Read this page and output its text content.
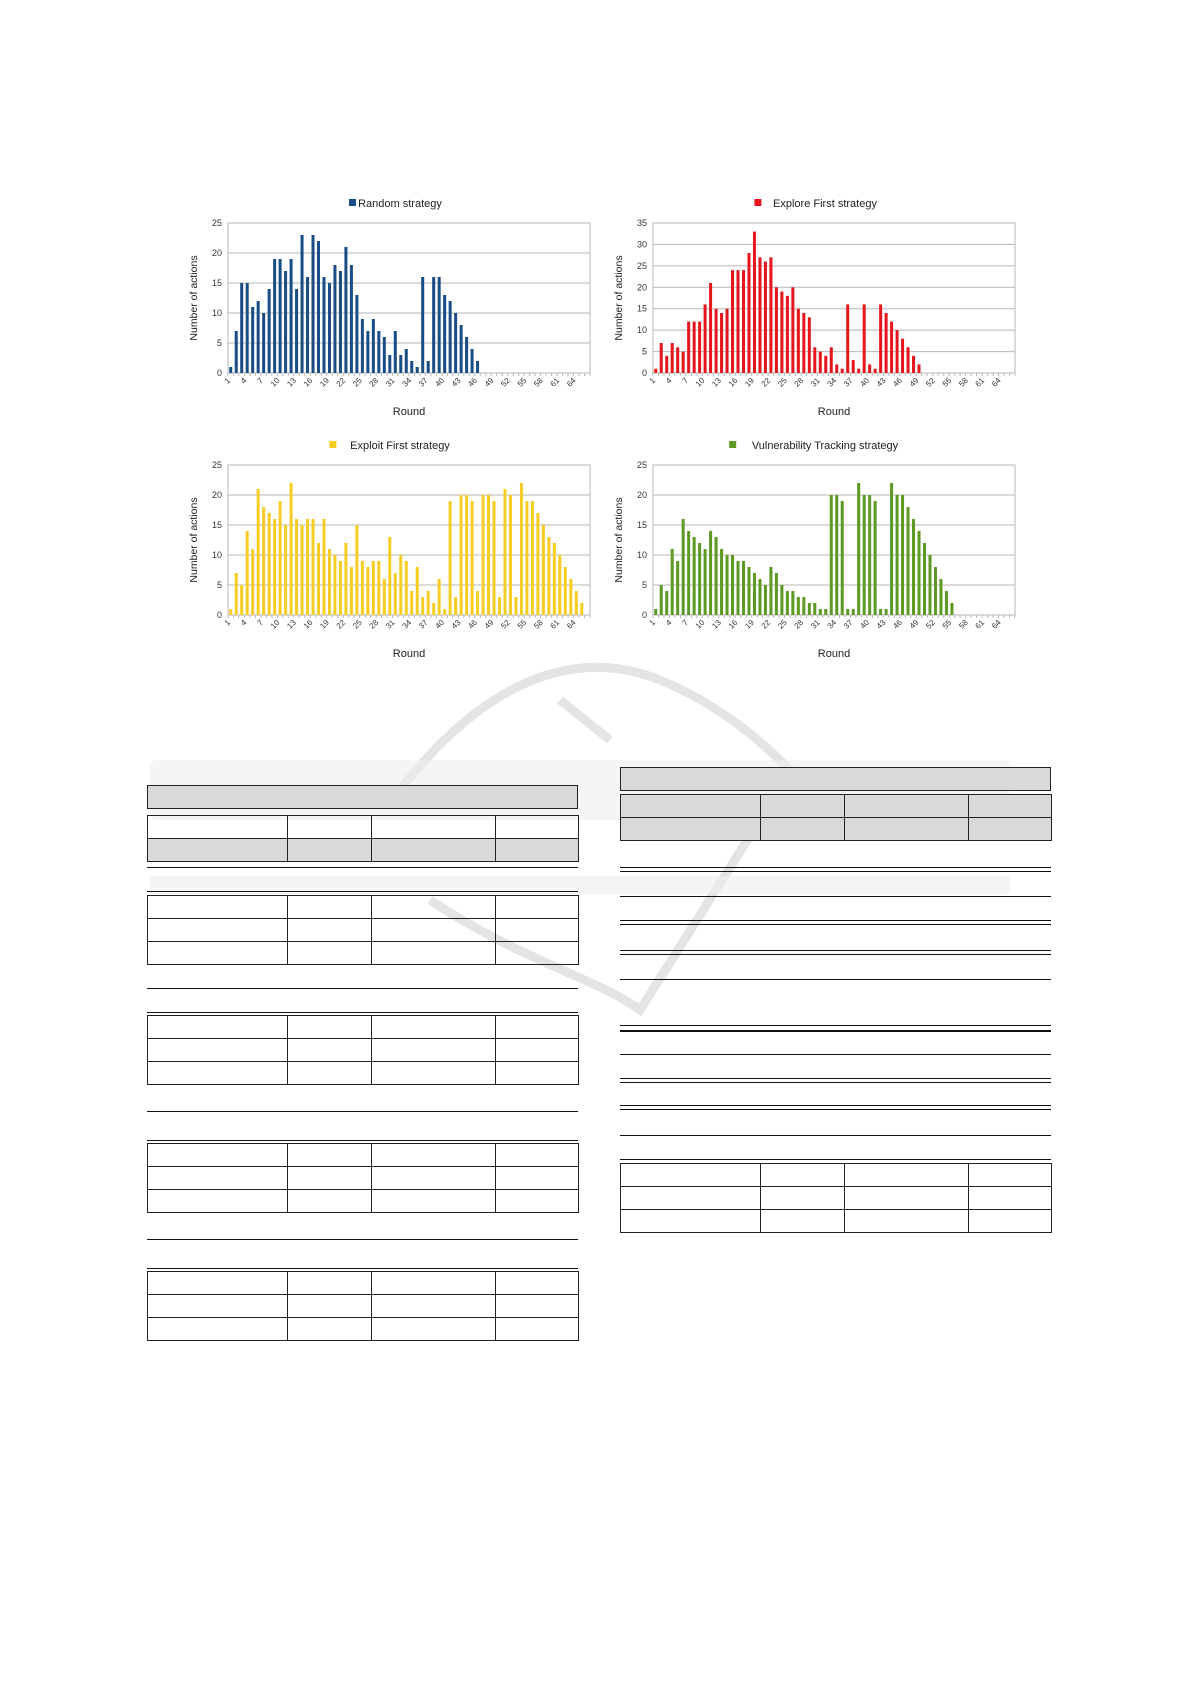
Random strategy
0
5
10
15
20
25
1 4 7 10 13 16 19 22 25 28 31 34 37 40 43 46 49 52 55 58 61 64
Round
Number of actions
Explore First strategy
0
5
10
15
20
25
30
35
1 4 7 10 13 16 19 22 25 28 31 34 37 40 43 46 49 52 55 58 61 64
Round
Number of actions
Exploit First strategy
0
5
10
15
20
25
1 4 7 10 13 16 19 22 25 28 31 34 37 40 43 46 49 52 55 58 61 64
Round
Number of actions
Vulnerability Tracking strategy
0
5
10
15
20
25
1 4 7 10 13 16 19 22 25 28 31 34 37 40 43 46 49 52 55 58 61 64
Round
Number of actions
